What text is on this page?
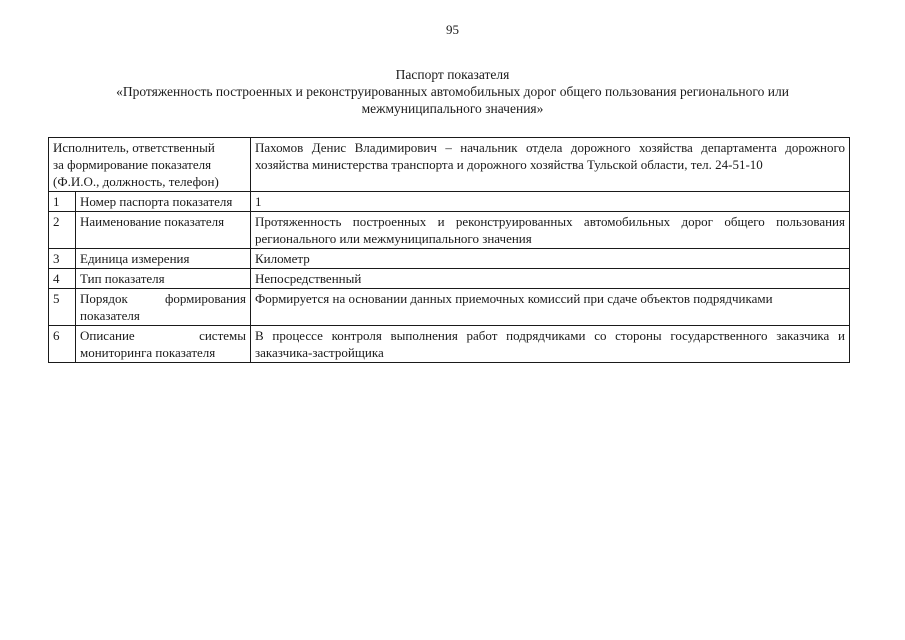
95
Паспорт показателя
«Протяженность построенных и реконструированных автомобильных дорог общего пользования регионального или
межмуниципального значения»
Исполнитель, ответственный
за формирование показателя
(Ф.И.О., должность, телефон)		Пахомов Денис Владимирович – начальник отдела дорожного хозяйства департамента дорожного хозяйства министерства транспорта и дорожного хозяйства Тульской области, тел. 24-51-10
1	Номер паспорта показателя	1
2	Наименование показателя	Протяженность построенных и реконструированных автомобильных дорог общего пользования регионального или межмуниципального значения
3	Единица измерения	Километр
4	Тип показателя	Непосредственный
5	Порядок формирования показателя	Формируется на основании данных приемочных комиссий при сдаче объектов подрядчиками
6	Описание системы мониторинга показателя	В процессе контроля выполнения работ подрядчиками со стороны государственного заказчика и заказчика-застройщика
